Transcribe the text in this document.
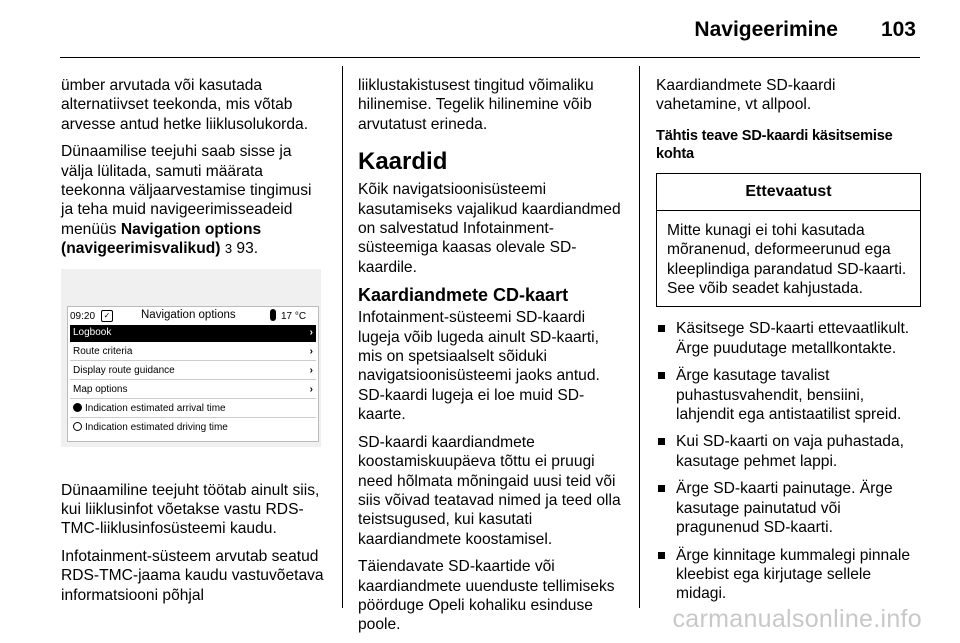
Navigeerimine 103

ümber arvutada või kasutada alternatiivset teekonda, mis võtab arvesse antud hetke liiklusolukorda.

Dünaamilise teejuhi saab sisse ja välja lülitada, samuti määrata teekonna väljaarvestamise tingimusi ja teha muid navigeerimisseadeid menüüs Navigation options (navigeerimisvalikud) 3 93.

09:20	✓	Navigation options	17 °C
Logbook	›
Route criteria	›
Display route guidance	›
Map options	›
Indication estimated arrival time
Indication estimated driving time

Dünaamiline teejuht töötab ainult siis, kui liiklusinfot võetakse vastu RDS-TMC-liiklusinfosüsteemi kaudu.

Infotainment-süsteem arvutab seatud RDS-TMC-jaama kaudu vastuvõetava informatsiooni põhjal

liiklustakistusest tingitud võimaliku hilinemise. Tegelik hilinemine võib arvutatust erineda.

Kaardid

Kõik navigatsioonisüsteemi kasutamiseks vajalikud kaardiandmed on salvestatud Infotainment-süsteemiga kaasas olevale SD-kaardile.

Kaardiandmete CD-kaart

Infotainment-süsteemi SD-kaardi lugeja võib lugeda ainult SD-kaarti, mis on spetsiaalselt sõiduki navigatsioonisüsteemi jaoks antud. SD-kaardi lugeja ei loe muid SD-kaarte.

SD-kaardi kaardiandmete koostamiskuupäeva tõttu ei pruugi need hõlmata mõningaid uusi teid või siis võivad teatavad nimed ja teed olla teistsugused, kui kasutati kaardiandmete koostamisel.

Täiendavate SD-kaartide või kaardiandmete uuenduste tellimiseks pöörduge Opeli kohaliku esinduse poole.

Kaardiandmete SD-kaardi vahetamine, vt allpool.

Tähtis teave SD-kaardi käsitsemise kohta
Ettevaatust
Mitte kunagi ei tohi kasutada mõranenud, deformeerunud ega kleeplindiga parandatud SD-kaarti. See võib seadet kahjustada.
Käsitsege SD-kaarti ettevaatlikult. Ärge puudutage metallkontakte.
Ärge kasutage tavalist puhastusvahendit, bensiini, lahjendit ega antistaatilist spreid.
Kui SD-kaarti on vaja puhastada, kasutage pehmet lappi.
Ärge SD-kaarti painutage. Ärge kasutage painutatud või pragunenud SD-kaarti.
Ärge kinnitage kummalegi pinnale kleebist ega kirjutage sellele midagi.
carmanualsonline.info
